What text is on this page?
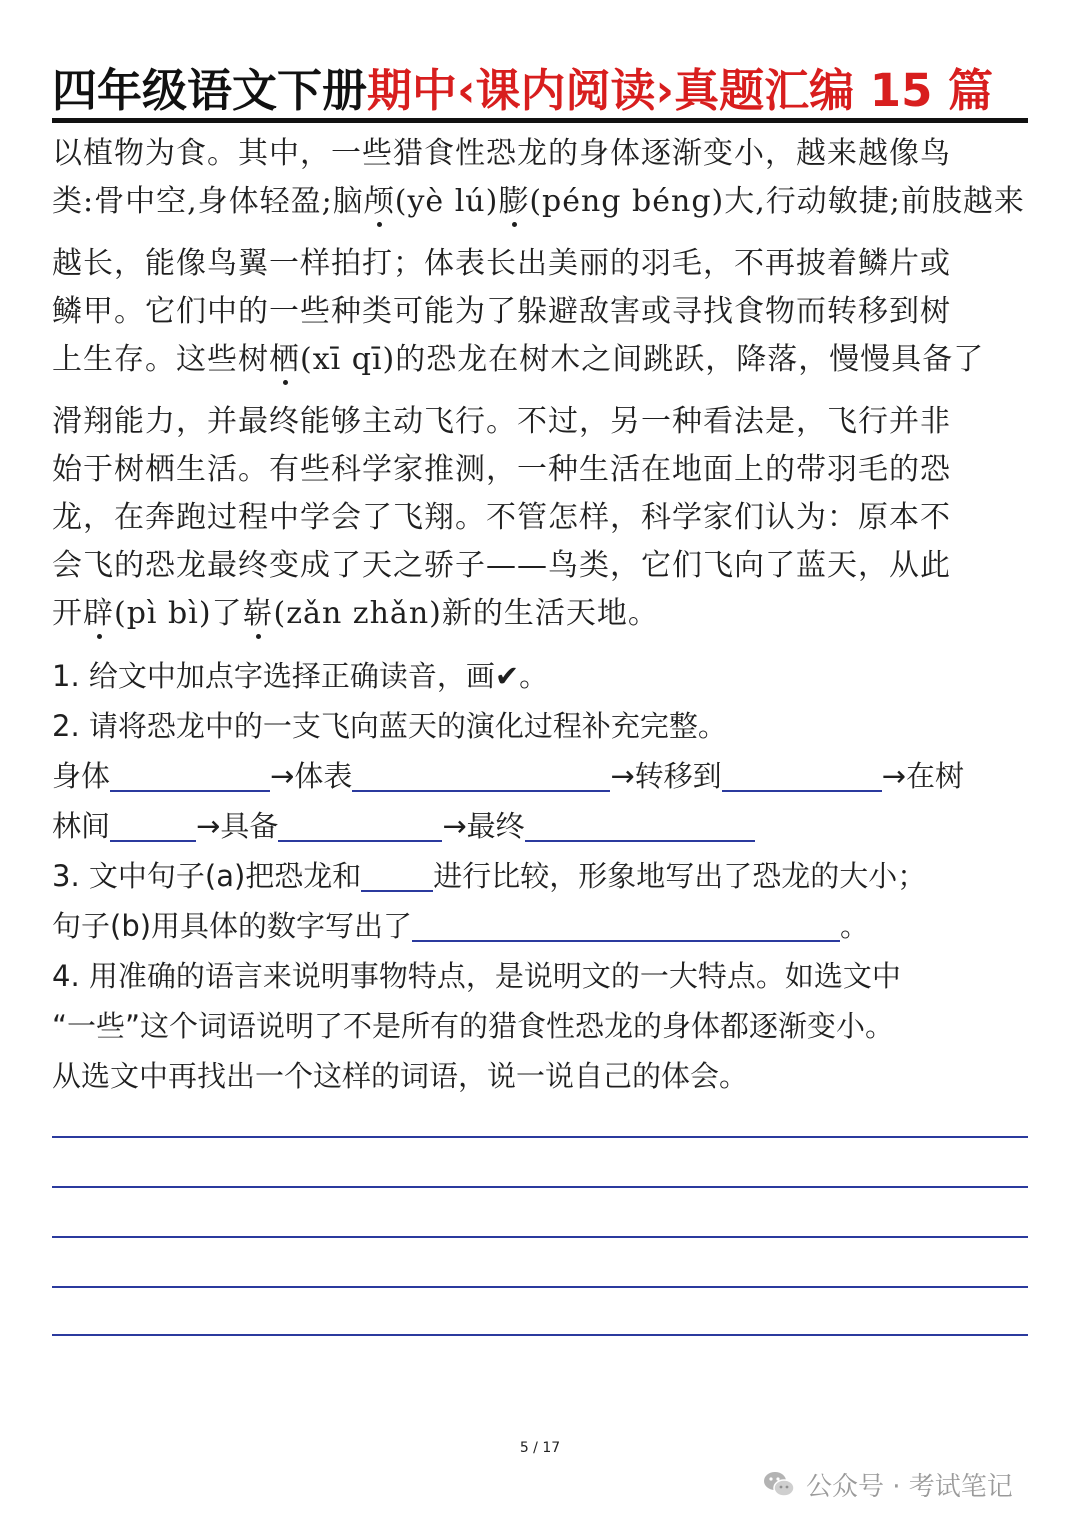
四年级语文下册期中‹课内阅读›真题汇编 15 篇
以植物为食。其中，一些猎食性恐龙的身体逐渐变小，越来越像鸟
类:骨中空,身体轻盈;脑颅(yè lú)膨(péng béng)大,行动敏捷;前肢越来
越长，能像鸟翼一样拍打；体表长出美丽的羽毛，不再披着鳞片或
鳞甲。它们中的一些种类可能为了躲避敌害或寻找食物而转移到树
上生存。这些树栖(xī qī)的恐龙在树木之间跳跃，降落，慢慢具备了
滑翔能力，并最终能够主动飞行。不过，另一种看法是，飞行并非
始于树栖生活。有些科学家推测，一种生活在地面上的带羽毛的恐
龙，在奔跑过程中学会了飞翔。不管怎样，科学家们认为：原本不
会飞的恐龙最终变成了天之骄子——鸟类，它们飞向了蓝天，从此
开辟(pì bì)了崭(zǎn zhǎn)新的生活天地。
1. 给文中加点字选择正确读音，画✔。
2. 请将恐龙中的一支飞向蓝天的演化过程补充完整。
身体	→体表	→转移到	→在树
林间	→具备	→最终
3. 文中句子(a)把恐龙和 进行比较，形象地写出了恐龙的大小；
句子(b)用具体的数字写出了	。
4. 用准确的语言来说明事物特点，是说明文的一大特点。如选文中
“一些”这个词语说明了不是所有的猎食性恐龙的身体都逐渐变小。
从选文中再找出一个这样的词语，说一说自己的体会。
5 / 17
公众号 · 考试笔记
